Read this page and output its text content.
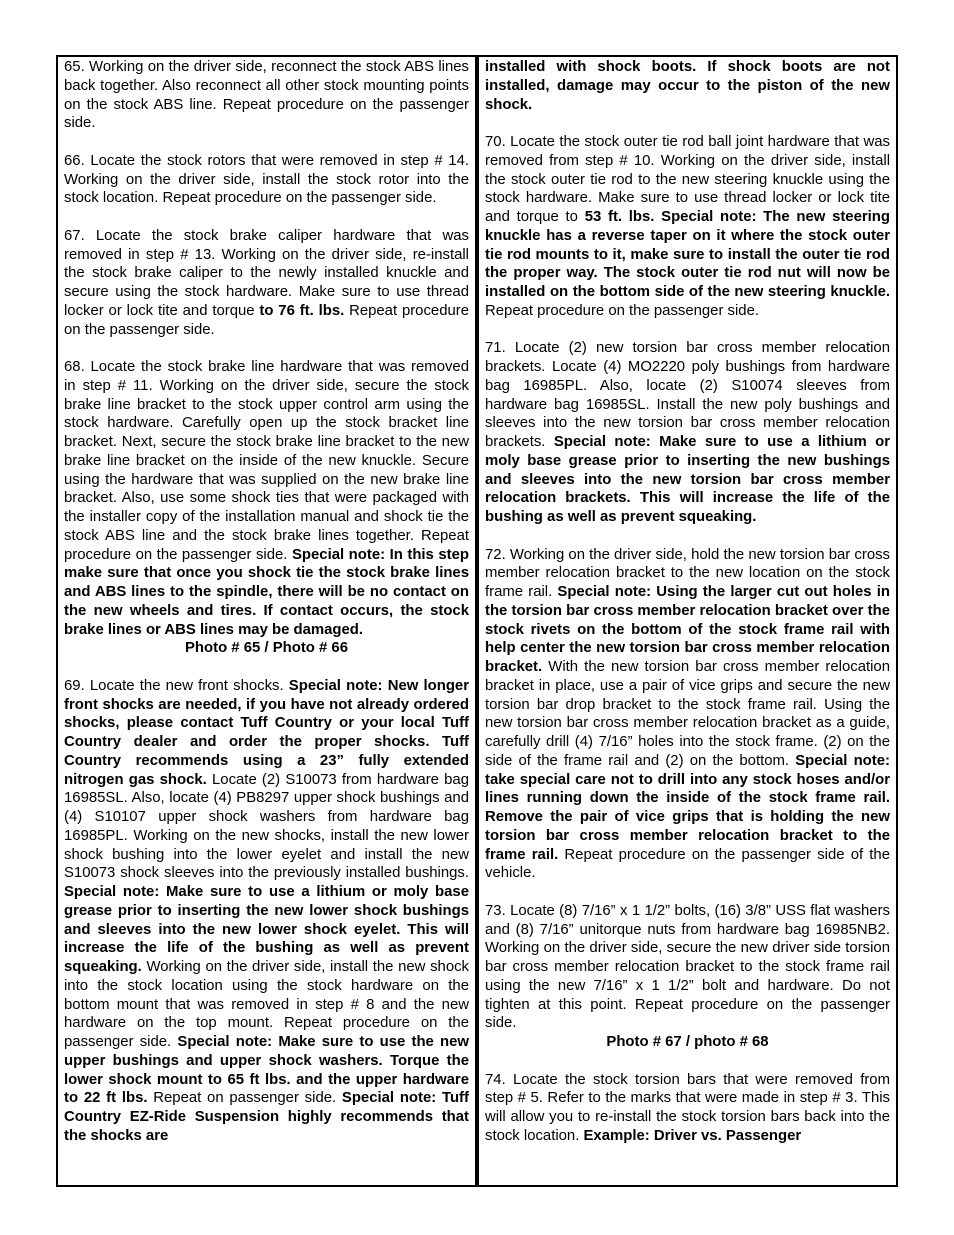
65. Working on the driver side, reconnect the stock ABS lines back together. Also reconnect all other stock mounting points on the stock ABS line. Repeat procedure on the passenger side.

66. Locate the stock rotors that were removed in step # 14. Working on the driver side, install the stock rotor into the stock location. Repeat procedure on the passenger side.

67. Locate the stock brake caliper hardware that was removed in step # 13. Working on the driver side, re-install the stock brake caliper to the newly installed knuckle and secure using the stock hardware. Make sure to use thread locker or lock tite and torque to 76 ft. lbs. Repeat procedure on the passenger side.

68. Locate the stock brake line hardware that was removed in step # 11. Working on the driver side, secure the stock brake line bracket to the stock upper control arm using the stock hardware. Carefully open up the stock bracket line bracket. Next, secure the stock brake line bracket to the new brake line bracket on the inside of the new knuckle. Secure using the hardware that was supplied on the new brake line bracket. Also, use some shock ties that were packaged with the installer copy of the installation manual and shock tie the stock ABS line and the stock brake lines together. Repeat procedure on the passenger side. Special note: In this step make sure that once you shock tie the stock brake lines and ABS lines to the spindle, there will be no contact on the new wheels and tires. If contact occurs, the stock brake lines or ABS lines may be damaged.
Photo # 65 / Photo # 66

69. Locate the new front shocks. Special note: New longer front shocks are needed, if you have not already ordered shocks, please contact Tuff Country or your local Tuff Country dealer and order the proper shocks. Tuff Country recommends using a 23” fully extended nitrogen gas shock. Locate (2) S10073 from hardware bag 16985SL. Also, locate (4) PB8297 upper shock bushings and (4) S10107 upper shock washers from hardware bag 16985PL. Working on the new shocks, install the new lower shock bushing into the lower eyelet and install the new S10073 shock sleeves into the previously installed bushings. Special note: Make sure to use a lithium or moly base grease prior to inserting the new lower shock bushings and sleeves into the new lower shock eyelet. This will increase the life of the bushing as well as prevent squeaking. Working on the driver side, install the new shock into the stock location using the stock hardware on the bottom mount that was removed in step # 8 and the new hardware on the top mount. Repeat procedure on the passenger side. Special note: Make sure to use the new upper bushings and upper shock washers. Torque the lower shock mount to 65 ft lbs. and the upper hardware to 22 ft lbs. Repeat on passenger side. Special note: Tuff Country EZ-Ride Suspension highly recommends that the shocks are

installed with shock boots. If shock boots are not installed, damage may occur to the piston of the new shock.

70. Locate the stock outer tie rod ball joint hardware that was removed from step # 10. Working on the driver side, install the stock outer tie rod to the new steering knuckle using the stock hardware. Make sure to use thread locker or lock tite and torque to 53 ft. lbs. Special note: The new steering knuckle has a reverse taper on it where the stock outer tie rod mounts to it, make sure to install the outer tie rod the proper way. The stock outer tie rod nut will now be installed on the bottom side of the new steering knuckle. Repeat procedure on the passenger side.

71. Locate (2) new torsion bar cross member relocation brackets. Locate (4) MO2220 poly bushings from hardware bag 16985PL. Also, locate (2) S10074 sleeves from hardware bag 16985SL. Install the new poly bushings and sleeves into the new torsion bar cross member relocation brackets. Special note: Make sure to use a lithium or moly base grease prior to inserting the new bushings and sleeves into the new torsion bar cross member relocation brackets. This will increase the life of the bushing as well as prevent squeaking.

72. Working on the driver side, hold the new torsion bar cross member relocation bracket to the new location on the stock frame rail. Special note: Using the larger cut out holes in the torsion bar cross member relocation bracket over the stock rivets on the bottom of the stock frame rail with help center the new torsion bar cross member relocation bracket. With the new torsion bar cross member relocation bracket in place, use a pair of vice grips and secure the new torsion bar drop bracket to the stock frame rail. Using the new torsion bar cross member relocation bracket as a guide, carefully drill (4) 7/16” holes into the stock frame. (2) on the side of the frame rail and (2) on the bottom. Special note: take special care not to drill into any stock hoses and/or lines running down the inside of the stock frame rail. Remove the pair of vice grips that is holding the new torsion bar cross member relocation bracket to the frame rail. Repeat procedure on the passenger side of the vehicle.

73. Locate (8) 7/16” x 1 1/2” bolts, (16) 3/8” USS flat washers and (8) 7/16” unitorque nuts from hardware bag 16985NB2. Working on the driver side, secure the new driver side torsion bar cross member relocation bracket to the stock frame rail using the new 7/16” x 1 1/2” bolt and hardware. Do not tighten at this point. Repeat procedure on the passenger side.
Photo # 67 / photo # 68

74. Locate the stock torsion bars that were removed from step # 5. Refer to the marks that were made in step # 3. This will allow you to re-install the stock torsion bars back into the stock location. Example: Driver vs. Passenger
